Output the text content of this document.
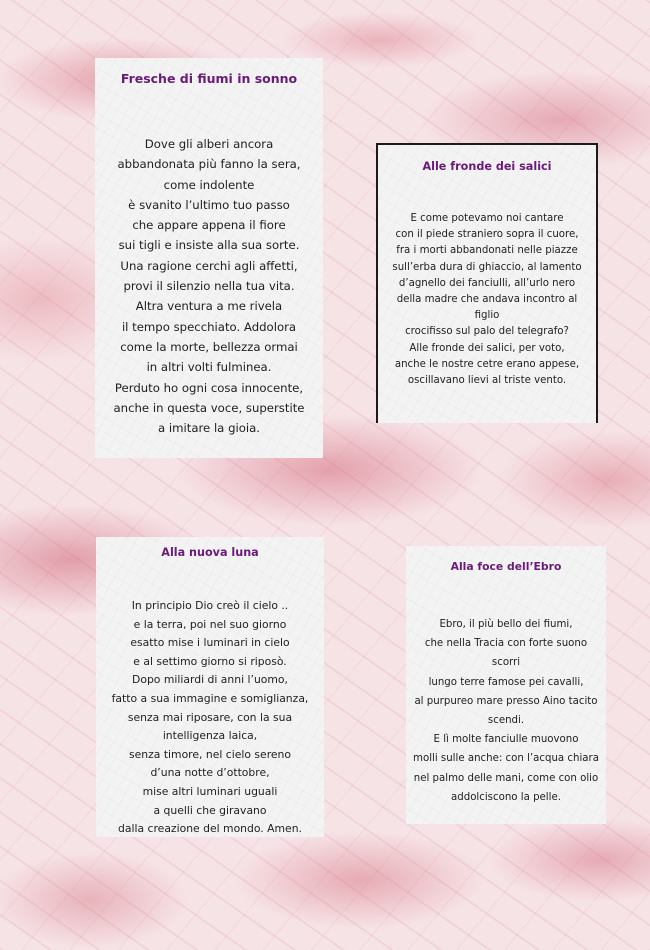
Fresche di fiumi in sonno
Dove gli alberi ancora
abbandonata più fanno la sera,
come indolente
è svanito l’ultimo tuo passo
che appare appena il fiore
sui tigli e insiste alla sua sorte.
Una ragione cerchi agli affetti,
provi il silenzio nella tua vita.
Altra ventura a me rivela
il tempo specchiato. Addolora
come la morte, bellezza ormai
in altri volti fulminea.
Perduto ho ogni cosa innocente,
anche in questa voce, superstite
a imitare la gioia.
Alle fronde dei salici
E come potevamo noi cantare
con il piede straniero sopra il cuore,
fra i morti abbandonati nelle piazze
sull’erba dura di ghiaccio, al lamento
d’agnello dei fanciulli, all’urlo nero
della madre che andava incontro al
figlio
crocifisso sul palo del telegrafo?
Alle fronde dei salici, per voto,
anche le nostre cetre erano appese,
oscillavano lievi al triste vento.
Alla nuova luna
In principio Dio creò il cielo ..
e la terra, poi nel suo giorno
esatto mise i luminari in cielo
e al settimo giorno si riposò.
Dopo miliardi di anni l’uomo,
fatto a sua immagine e somiglianza,
senza mai riposare, con la sua
intelligenza laica,
senza timore, nel cielo sereno
d’una notte d’ottobre,
mise altri luminari uguali
a quelli che giravano
dalla creazione del mondo. Amen.
Alla foce dell’Ebro
Ebro, il più bello dei fiumi,
che nella Tracia con forte suono
scorri
lungo terre famose pei cavalli,
al purpureo mare presso Aino tacito
scendi.
E lì molte fanciulle muovono
molli sulle anche: con l’acqua chiara
nel palmo delle mani, come con olio
addolciscono la pelle.
